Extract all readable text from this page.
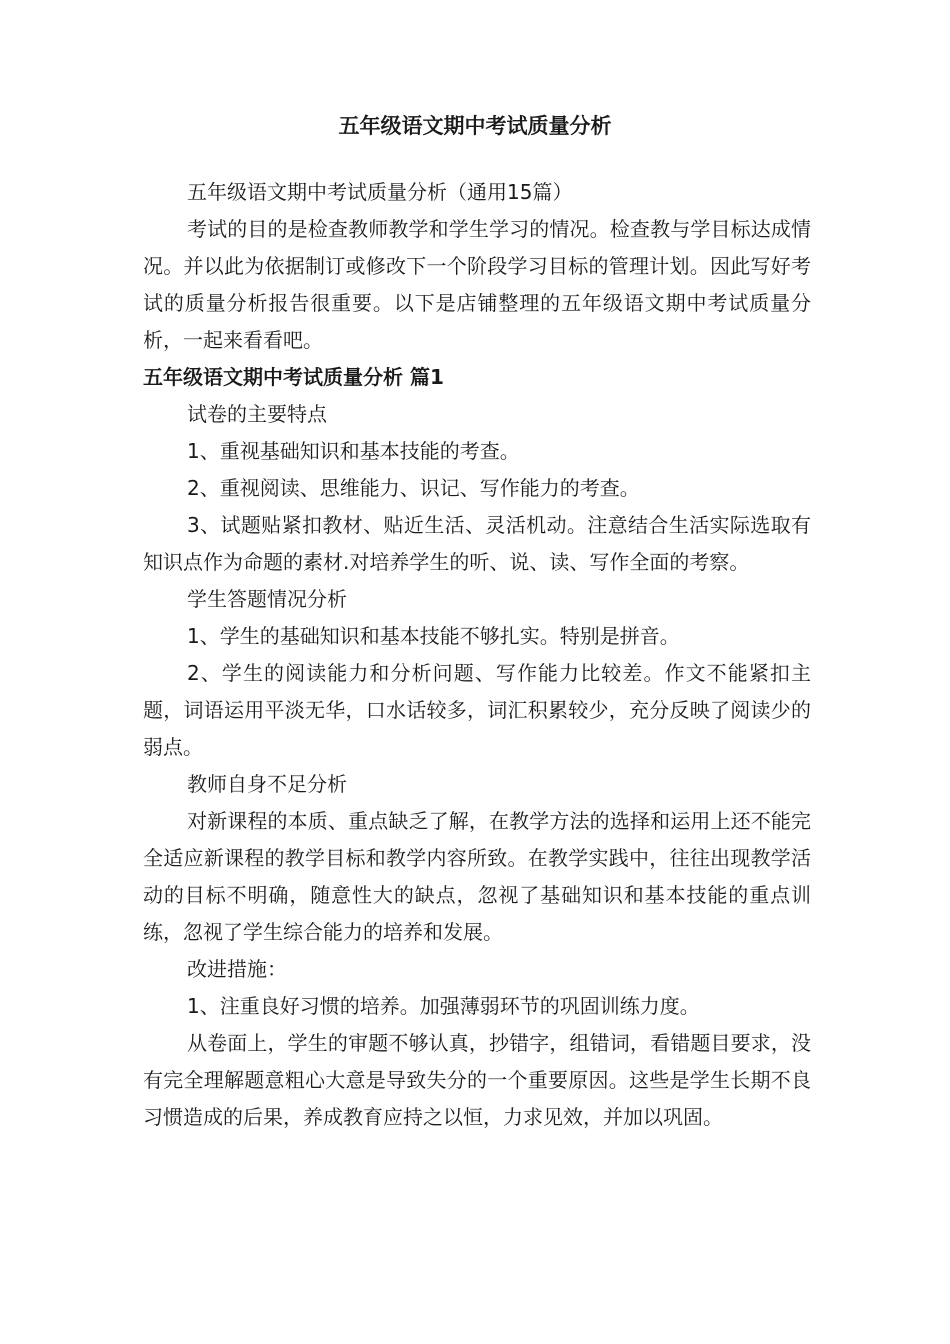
五年级语文期中考试质量分析

五年级语文期中考试质量分析（通用15篇）

考试的目的是检查教师教学和学生学习的情况。检查教与学目标达成情况。并以此为依据制订或修改下一个阶段学习目标的管理计划。因此写好考试的质量分析报告很重要。以下是店铺整理的五年级语文期中考试质量分析，一起来看看吧。

五年级语文期中考试质量分析 篇1

试卷的主要特点

1、重视基础知识和基本技能的考查。

2、重视阅读、思维能力、识记、写作能力的考查。

3、试题贴紧扣教材、贴近生活、灵活机动。注意结合生活实际选取有知识点作为命题的素材.对培养学生的听、说、读、写作全面的考察。

学生答题情况分析

1、学生的基础知识和基本技能不够扎实。特别是拼音。

2、学生的阅读能力和分析问题、写作能力比较差。作文不能紧扣主题，词语运用平淡无华，口水话较多，词汇积累较少，充分反映了阅读少的弱点。

教师自身不足分析

对新课程的本质、重点缺乏了解，在教学方法的选择和运用上还不能完全适应新课程的教学目标和教学内容所致。在教学实践中，往往出现教学活动的目标不明确，随意性大的缺点，忽视了基础知识和基本技能的重点训练，忽视了学生综合能力的培养和发展。

改进措施：

1、注重良好习惯的培养。加强薄弱环节的巩固训练力度。

从卷面上，学生的审题不够认真，抄错字，组错词，看错题目要求，没有完全理解题意粗心大意是导致失分的一个重要原因。这些是学生长期不良习惯造成的后果，养成教育应持之以恒，力求见效，并加以巩固。
